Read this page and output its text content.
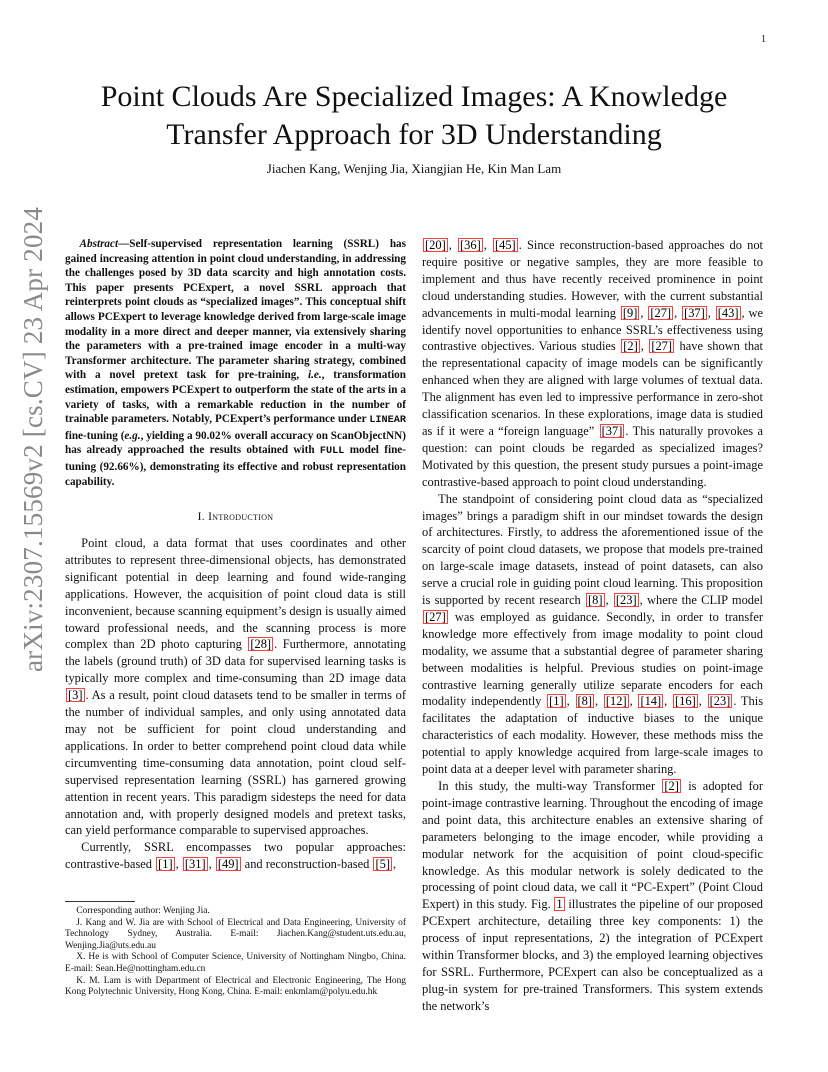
1
arXiv:2307.15569v2 [cs.CV] 23 Apr 2024
Point Clouds Are Specialized Images: A Knowledge
Transfer Approach for 3D Understanding
Jiachen Kang, Wenjing Jia, Xiangjian He, Kin Man Lam

Abstract—Self-supervised representation learning (SSRL) has gained increasing attention in point cloud understanding, in addressing the challenges posed by 3D data scarcity and high annotation costs. This paper presents PCExpert, a novel SSRL approach that reinterprets point clouds as “specialized images”. This conceptual shift allows PCExpert to leverage knowledge derived from large-scale image modality in a more direct and deeper manner, via extensively sharing the parameters with a pre-trained image encoder in a multi-way Transformer architecture. The parameter sharing strategy, combined with a novel pretext task for pre-training, i.e., transformation estimation, empowers PCExpert to outperform the state of the arts in a variety of tasks, with a remarkable reduction in the number of trainable parameters. Notably, PCExpert’s performance under LINEAR fine-tuning (e.g., yielding a 90.02% overall accuracy on ScanObjectNN) has already approached the results obtained with FULL model fine-tuning (92.66%), demonstrating its effective and robust representation capability.

I. Introduction

Point cloud, a data format that uses coordinates and other attributes to represent three-dimensional objects, has demonstrated significant potential in deep learning and found wide-ranging applications. However, the acquisition of point cloud data is still inconvenient, because scanning equipment’s design is usually aimed toward professional needs, and the scanning process is more complex than 2D photo capturing [28] . Furthermore, annotating the labels (ground truth) of 3D data for supervised learning tasks is typically more complex and time-consuming than 2D image data [3] . As a result, point cloud datasets tend to be smaller in terms of the number of individual samples, and only using annotated data may not be sufficient for point cloud understanding and applications. In order to better comprehend point cloud data while circumventing time-consuming data annotation, point cloud self-supervised representation learning (SSRL) has garnered growing attention in recent years. This paradigm sidesteps the need for data annotation and, with properly designed models and pretext tasks, can yield performance comparable to supervised approaches.

Currently, SSRL encompasses two popular approaches: contrastive-based [1] , [31] , [49] and reconstruction-based [5] ,

Corresponding author: Wenjing Jia.

J. Kang and W. Jia are with School of Electrical and Data Engineering, University of Technology Sydney, Australia. E-mail: Jiachen.Kang@student.uts.edu.au, Wenjing.Jia@uts.edu.au

X. He is with School of Computer Science, University of Nottingham Ningbo, China. E-mail: Sean.He@nottingham.edu.cn

K. M. Lam is with Department of Electrical and Electronic Engineering, The Hong Kong Polytechnic University, Hong Kong, China. E-mail: enkmlam@polyu.edu.hk

[20] , [36] , [45] . Since reconstruction-based approaches do not require positive or negative samples, they are more feasible to implement and thus have recently received prominence in point cloud understanding studies. However, with the current substantial advancements in multi-modal learning [9] , [27] , [37] , [43] , we identify novel opportunities to enhance SSRL’s effectiveness using contrastive objectives. Various studies [2] , [27] have shown that the representational capacity of image models can be significantly enhanced when they are aligned with large volumes of textual data. The alignment has even led to impressive performance in zero-shot classification scenarios. In these explorations, image data is studied as if it were a “foreign language” [37] . This naturally provokes a question: can point clouds be regarded as specialized images? Motivated by this question, the present study pursues a point-image contrastive-based approach to point cloud understanding.

The standpoint of considering point cloud data as “specialized images” brings a paradigm shift in our mindset towards the design of architectures. Firstly, to address the aforementioned issue of the scarcity of point cloud datasets, we propose that models pre-trained on large-scale image datasets, instead of point datasets, can also serve a crucial role in guiding point cloud learning. This proposition is supported by recent research [8] , [23] , where the CLIP model [27] was employed as guidance. Secondly, in order to transfer knowledge more effectively from image modality to point cloud modality, we assume that a substantial degree of parameter sharing between modalities is helpful. Previous studies on point-image contrastive learning generally utilize separate encoders for each modality independently [1] , [8] , [12] , [14] , [16] , [23] . This facilitates the adaptation of inductive biases to the unique characteristics of each modality. However, these methods miss the potential to apply knowledge acquired from large-scale images to point data at a deeper level with parameter sharing.

In this study, the multi-way Transformer [2] is adopted for point-image contrastive learning. Throughout the encoding of image and point data, this architecture enables an extensive sharing of parameters belonging to the image encoder, while providing a modular network for the acquisition of point cloud-specific knowledge. As this modular network is solely dedicated to the processing of point cloud data, we call it “PC-Expert” (Point Cloud Expert) in this study. Fig. 1 illustrates the pipeline of our proposed PCExpert architecture, detailing three key components: 1) the process of input representations, 2) the integration of PCExpert within Transformer blocks, and 3) the employed learning objectives for SSRL. Furthermore, PCExpert can also be conceptualized as a plug-in system for pre-trained Transformers. This system extends the network’s
